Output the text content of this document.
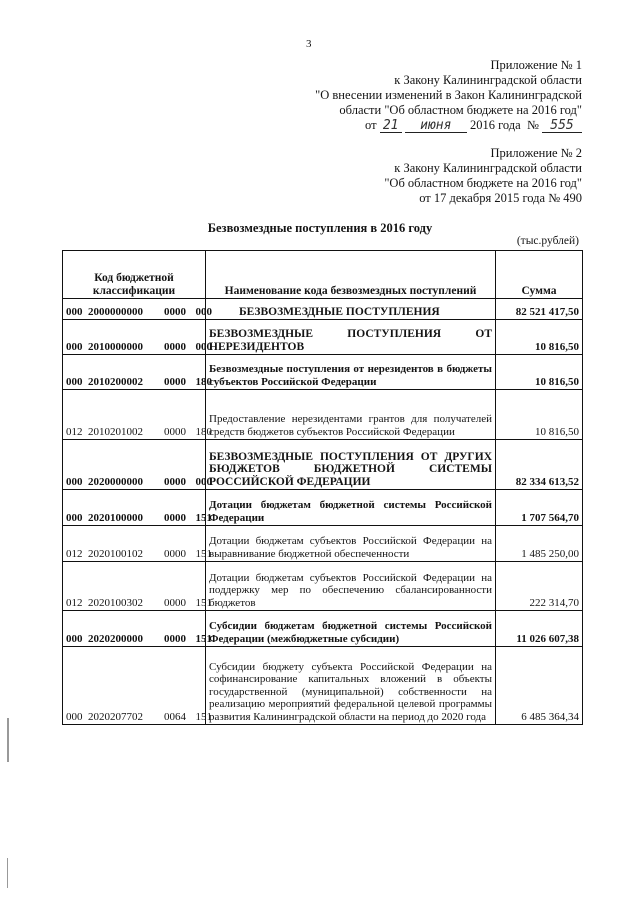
3
Приложение № 1
к Закону Калининградской области
"О внесении изменений в Закон Калининградской
области "Об областном бюджете на 2016 год"
от 21 июня 2016 года № 555
Приложение № 2
к Закону Калининградской области
"Об областном бюджете на 2016 год"
от 17 декабря 2015 года № 490
Безвозмездные поступления в 2016 году
(тыс.рублей)
Код бюджетной классификации	Наименование кода безвозмездных поступлений	Сумма
000 2000000000 0000 000	БЕЗВОЗМЕЗДНЫЕ ПОСТУПЛЕНИЯ	82 521 417,50
000 2010000000 0000 000	БЕЗВОЗМЕЗДНЫЕ ПОСТУПЛЕНИЯ ОТ НЕРЕЗИДЕНТОВ	10 816,50
000 2010200002 0000 180	Безвозмездные поступления от нерезидентов в бюджеты субъектов Российской Федерации	10 816,50
012 2010201002 0000 180	Предоставление нерезидентами грантов для получателей средств бюджетов субъектов Российской Федерации	10 816,50
000 2020000000 0000 000	БЕЗВОЗМЕЗДНЫЕ ПОСТУПЛЕНИЯ ОТ ДРУГИХ БЮДЖЕТОВ БЮДЖЕТНОЙ СИСТЕМЫ РОССИЙСКОЙ ФЕДЕРАЦИИ	82 334 613,52
000 2020100000 0000 151	Дотации бюджетам бюджетной системы Российской Федерации	1 707 564,70
012 2020100102 0000 151	Дотации бюджетам субъектов Российской Федерации на выравнивание бюджетной обеспеченности	1 485 250,00
012 2020100302 0000 151	Дотации бюджетам субъектов Российской Федерации на поддержку мер по обеспечению сбалансированности бюджетов	222 314,70
000 2020200000 0000 151	Субсидии бюджетам бюджетной системы Российской Федерации (межбюджетные субсидии)	11 026 607,38
000 2020207702 0064 151	Субсидии бюджету субъекта Российской Федерации на софинансирование капитальных вложений в объекты государственной (муниципальной) собственности на реализацию мероприятий федеральной целевой программы развития Калининградской области на период до 2020 года	6 485 364,34
